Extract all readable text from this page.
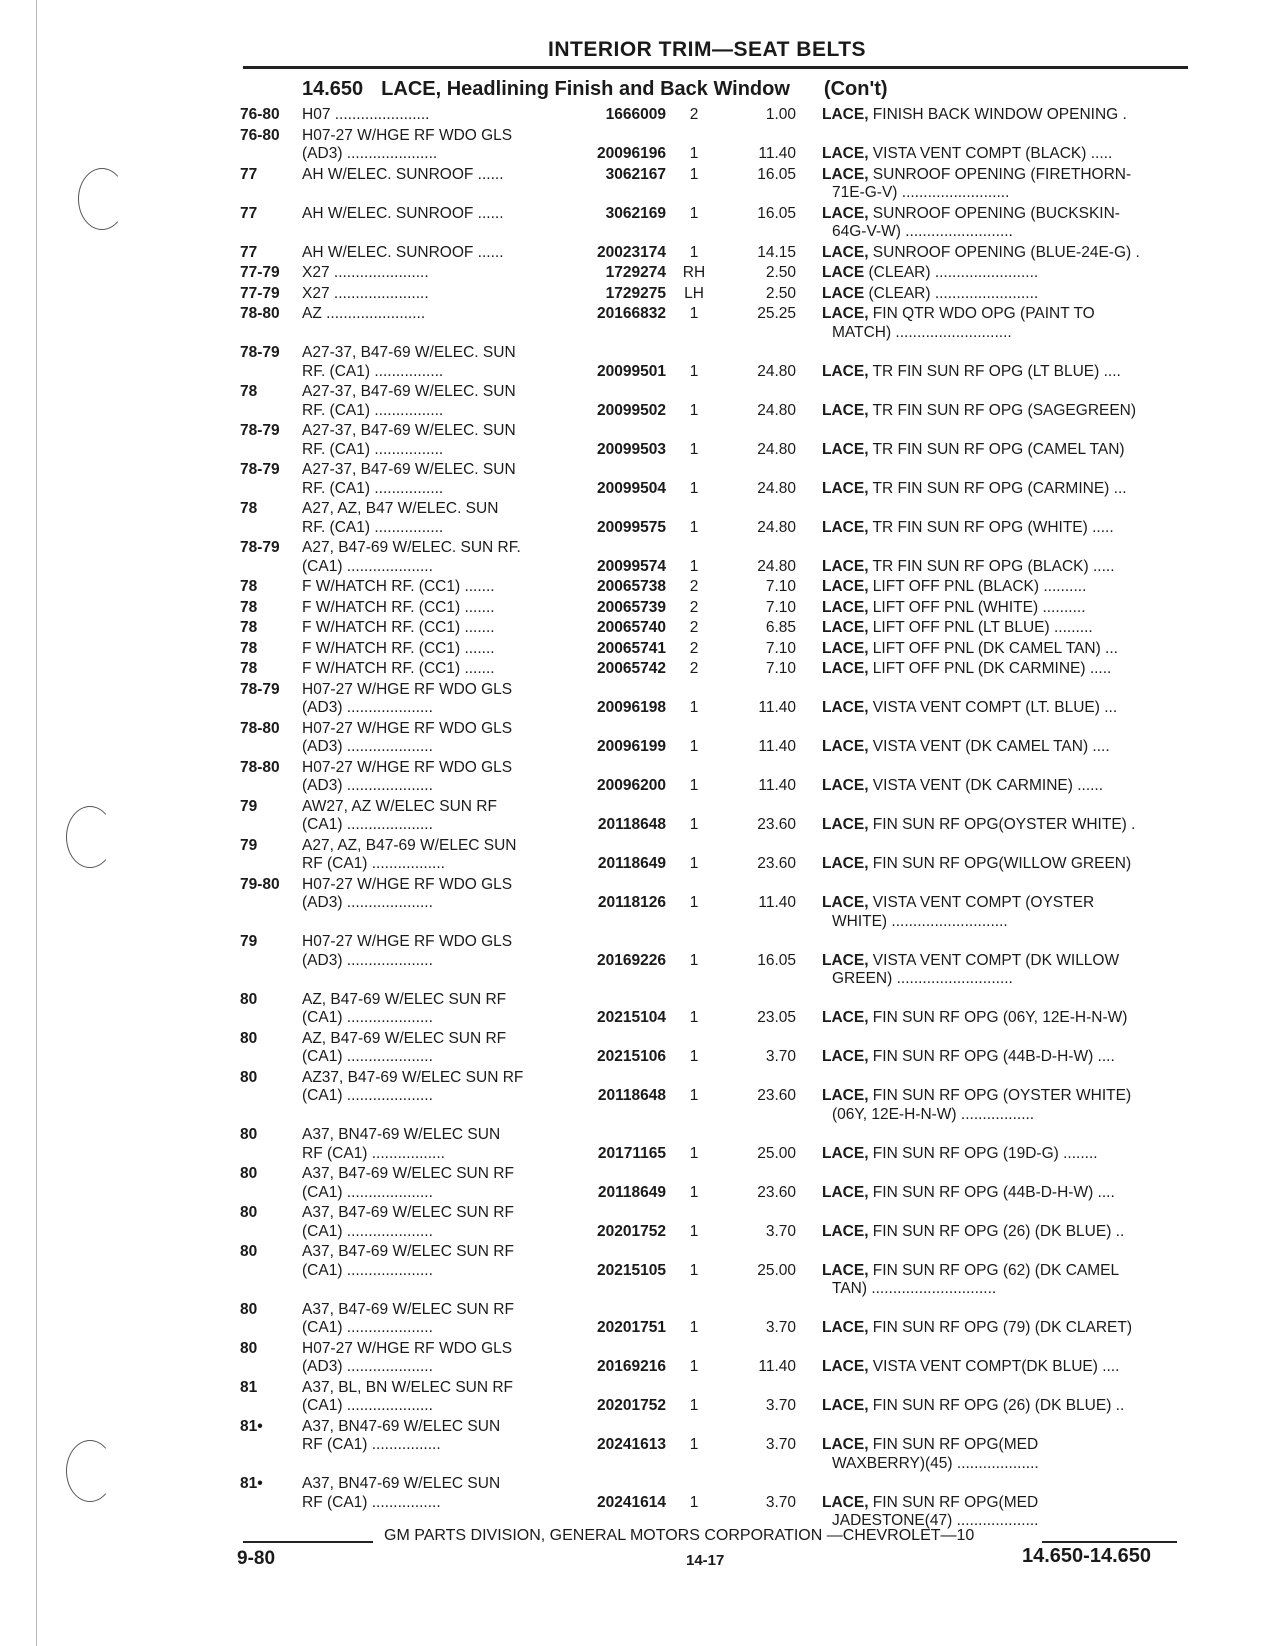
INTERIOR TRIM—SEAT BELTS
14.650 LACE, Headlining Finish and Back Window (Con't)
76-80 H07 ......................	1666009	2	1.00 LACE, FINISH BACK WINDOW OPENING .
76-80 H07-27 W/HGE RF WDO GLS
(AD3) .....................	20096196	1	11.40 LACE, VISTA VENT COMPT (BLACK) .....
77	AH W/ELEC. SUNROOF ......	3062167	1	16.05 LACE, SUNROOF OPENING (FIRETHORN-
71E-G-V) .........................
77	AH W/ELEC. SUNROOF ......	3062169	1	16.05 LACE, SUNROOF OPENING (BUCKSKIN-
64G-V-W) .........................
77	AH W/ELEC. SUNROOF ......	20023174	1	14.15 LACE, SUNROOF OPENING (BLUE-24E-G) .
77-79 X27 ......................	1729274	RH	2.50 LACE (CLEAR) ........................
77-79 X27 ......................	1729275	LH	2.50 LACE (CLEAR) ........................
78-80 AZ .......................	20166832	1	25.25 LACE, FIN QTR WDO OPG (PAINT TO
MATCH) ...........................
78-79 A27-37, B47-69 W/ELEC. SUN
RF. (CA1) ................	20099501	1	24.80 LACE, TR FIN SUN RF OPG (LT BLUE) ....
78	A27-37, B47-69 W/ELEC. SUN
RF. (CA1) ................	20099502	1	24.80 LACE, TR FIN SUN RF OPG (SAGEGREEN)
78-79 A27-37, B47-69 W/ELEC. SUN
RF. (CA1) ................	20099503	1	24.80 LACE, TR FIN SUN RF OPG (CAMEL TAN)
78-79 A27-37, B47-69 W/ELEC. SUN
RF. (CA1) ................	20099504	1	24.80 LACE, TR FIN SUN RF OPG (CARMINE) ...
78	A27, AZ, B47 W/ELEC. SUN
RF. (CA1) ................	20099575	1	24.80 LACE, TR FIN SUN RF OPG (WHITE) .....
78-79 A27, B47-69 W/ELEC. SUN RF.
(CA1) ....................	20099574	1	24.80 LACE, TR FIN SUN RF OPG (BLACK) .....
78	F W/HATCH RF. (CC1) .......	20065738	2	7.10 LACE, LIFT OFF PNL (BLACK) ..........
78	F W/HATCH RF. (CC1) .......	20065739	2	7.10 LACE, LIFT OFF PNL (WHITE) ..........
78	F W/HATCH RF. (CC1) .......	20065740	2	6.85 LACE, LIFT OFF PNL (LT BLUE) .........
78	F W/HATCH RF. (CC1) .......	20065741	2	7.10 LACE, LIFT OFF PNL (DK CAMEL TAN) ...
78	F W/HATCH RF. (CC1) .......	20065742	2	7.10 LACE, LIFT OFF PNL (DK CARMINE) .....
78-79 H07-27 W/HGE RF WDO GLS
(AD3) ....................	20096198	1	11.40 LACE, VISTA VENT COMPT (LT. BLUE) ...
78-80 H07-27 W/HGE RF WDO GLS
(AD3) ....................	20096199	1	11.40 LACE, VISTA VENT (DK CAMEL TAN) ....
78-80 H07-27 W/HGE RF WDO GLS
(AD3) ....................	20096200	1	11.40 LACE, VISTA VENT (DK CARMINE) ......
79	AW27, AZ W/ELEC SUN RF
(CA1) ....................	20118648	1	23.60 LACE, FIN SUN RF OPG(OYSTER WHITE) .
79	A27, AZ, B47-69 W/ELEC SUN
RF (CA1) .................	20118649	1	23.60 LACE, FIN SUN RF OPG(WILLOW GREEN)
79-80 H07-27 W/HGE RF WDO GLS
(AD3) ....................	20118126	1	11.40 LACE, VISTA VENT COMPT (OYSTER
WHITE) ...........................
79	H07-27 W/HGE RF WDO GLS
(AD3) ....................	20169226	1	16.05 LACE, VISTA VENT COMPT (DK WILLOW
GREEN) ...........................
80	AZ, B47-69 W/ELEC SUN RF
(CA1) ....................	20215104	1	23.05 LACE, FIN SUN RF OPG (06Y, 12E-H-N-W)
80	AZ, B47-69 W/ELEC SUN RF
(CA1) ....................	20215106	1	3.70 LACE, FIN SUN RF OPG (44B-D-H-W) ....
80	AZ37, B47-69 W/ELEC SUN RF
(CA1) ....................	20118648	1	23.60 LACE, FIN SUN RF OPG (OYSTER WHITE)
(06Y, 12E-H-N-W) .................
80	A37, BN47-69 W/ELEC SUN
RF (CA1) .................	20171165	1	25.00 LACE, FIN SUN RF OPG (19D-G) ........
80	A37, B47-69 W/ELEC SUN RF
(CA1) ....................	20118649	1	23.60 LACE, FIN SUN RF OPG (44B-D-H-W) ....
80	A37, B47-69 W/ELEC SUN RF
(CA1) ....................	20201752	1	3.70 LACE, FIN SUN RF OPG (26) (DK BLUE) ..
80	A37, B47-69 W/ELEC SUN RF
(CA1) ....................	20215105	1	25.00 LACE, FIN SUN RF OPG (62) (DK CAMEL
TAN) .............................
80	A37, B47-69 W/ELEC SUN RF
(CA1) ....................	20201751	1	3.70 LACE, FIN SUN RF OPG (79) (DK CLARET)
80	H07-27 W/HGE RF WDO GLS
(AD3) ....................	20169216	1	11.40 LACE, VISTA VENT COMPT(DK BLUE) ....
81	A37, BL, BN W/ELEC SUN RF
(CA1) ....................	20201752	1	3.70 LACE, FIN SUN RF OPG (26) (DK BLUE) ..
81•	A37, BN47-69 W/ELEC SUN
RF (CA1) ................	20241613	1	3.70 LACE, FIN SUN RF OPG(MED
WAXBERRY)(45) ...................
81•	A37, BN47-69 W/ELEC SUN
RF (CA1) ................	20241614	1	3.70 LACE, FIN SUN RF OPG(MED
JADESTONE(47) ...................
GM PARTS DIVISION, GENERAL MOTORS CORPORATION —CHEVROLET—10
9-80	14-17	14.650-14.650
